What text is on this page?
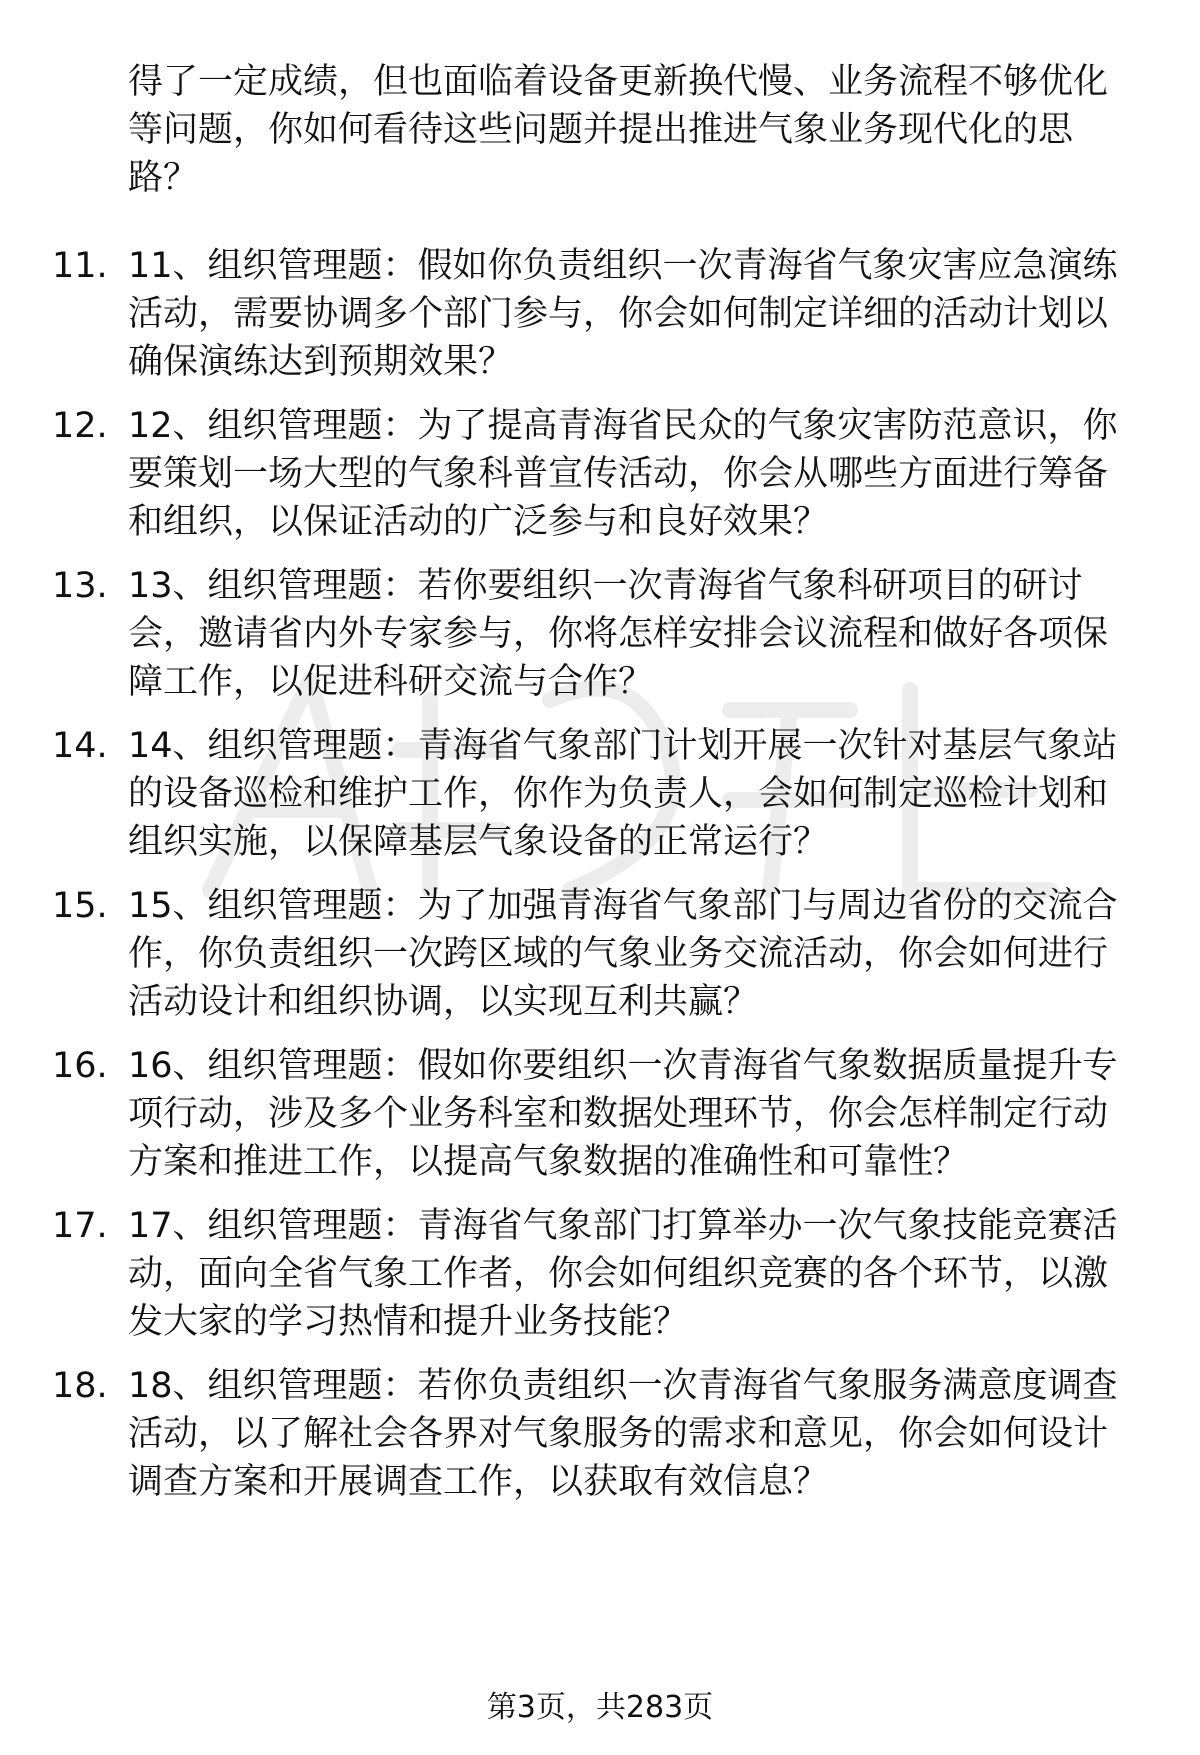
得了一定成绩，但也面临着设备更新换代慢、业务流程不够优化等问题，你如何看待这些问题并提出推进气象业务现代化的思路？
11. 11、组织管理题：假如你负责组织一次青海省气象灾害应急演练活动，需要协调多个部门参与，你会如何制定详细的活动计划以确保演练达到预期效果？
12. 12、组织管理题：为了提高青海省民众的气象灾害防范意识，你要策划一场大型的气象科普宣传活动，你会从哪些方面进行筹备和组织，以保证活动的广泛参与和良好效果？
13. 13、组织管理题：若你要组织一次青海省气象科研项目的研讨会，邀请省内外专家参与，你将怎样安排会议流程和做好各项保障工作，以促进科研交流与合作？
14. 14、组织管理题：青海省气象部门计划开展一次针对基层气象站的设备巡检和维护工作，你作为负责人，会如何制定巡检计划和组织实施，以保障基层气象设备的正常运行？
15. 15、组织管理题：为了加强青海省气象部门与周边省份的交流合作，你负责组织一次跨区域的气象业务交流活动，你会如何进行活动设计和组织协调，以实现互利共赢？
16. 16、组织管理题：假如你要组织一次青海省气象数据质量提升专项行动，涉及多个业务科室和数据处理环节，你会怎样制定行动方案和推进工作，以提高气象数据的准确性和可靠性？
17. 17、组织管理题：青海省气象部门打算举办一次气象技能竞赛活动，面向全省气象工作者，你会如何组织竞赛的各个环节，以激发大家的学习热情和提升业务技能？
18. 18、组织管理题：若你负责组织一次青海省气象服务满意度调查活动，以了解社会各界对气象服务的需求和意见，你会如何设计调查方案和开展调查工作，以获取有效信息？
第3页，共283页
